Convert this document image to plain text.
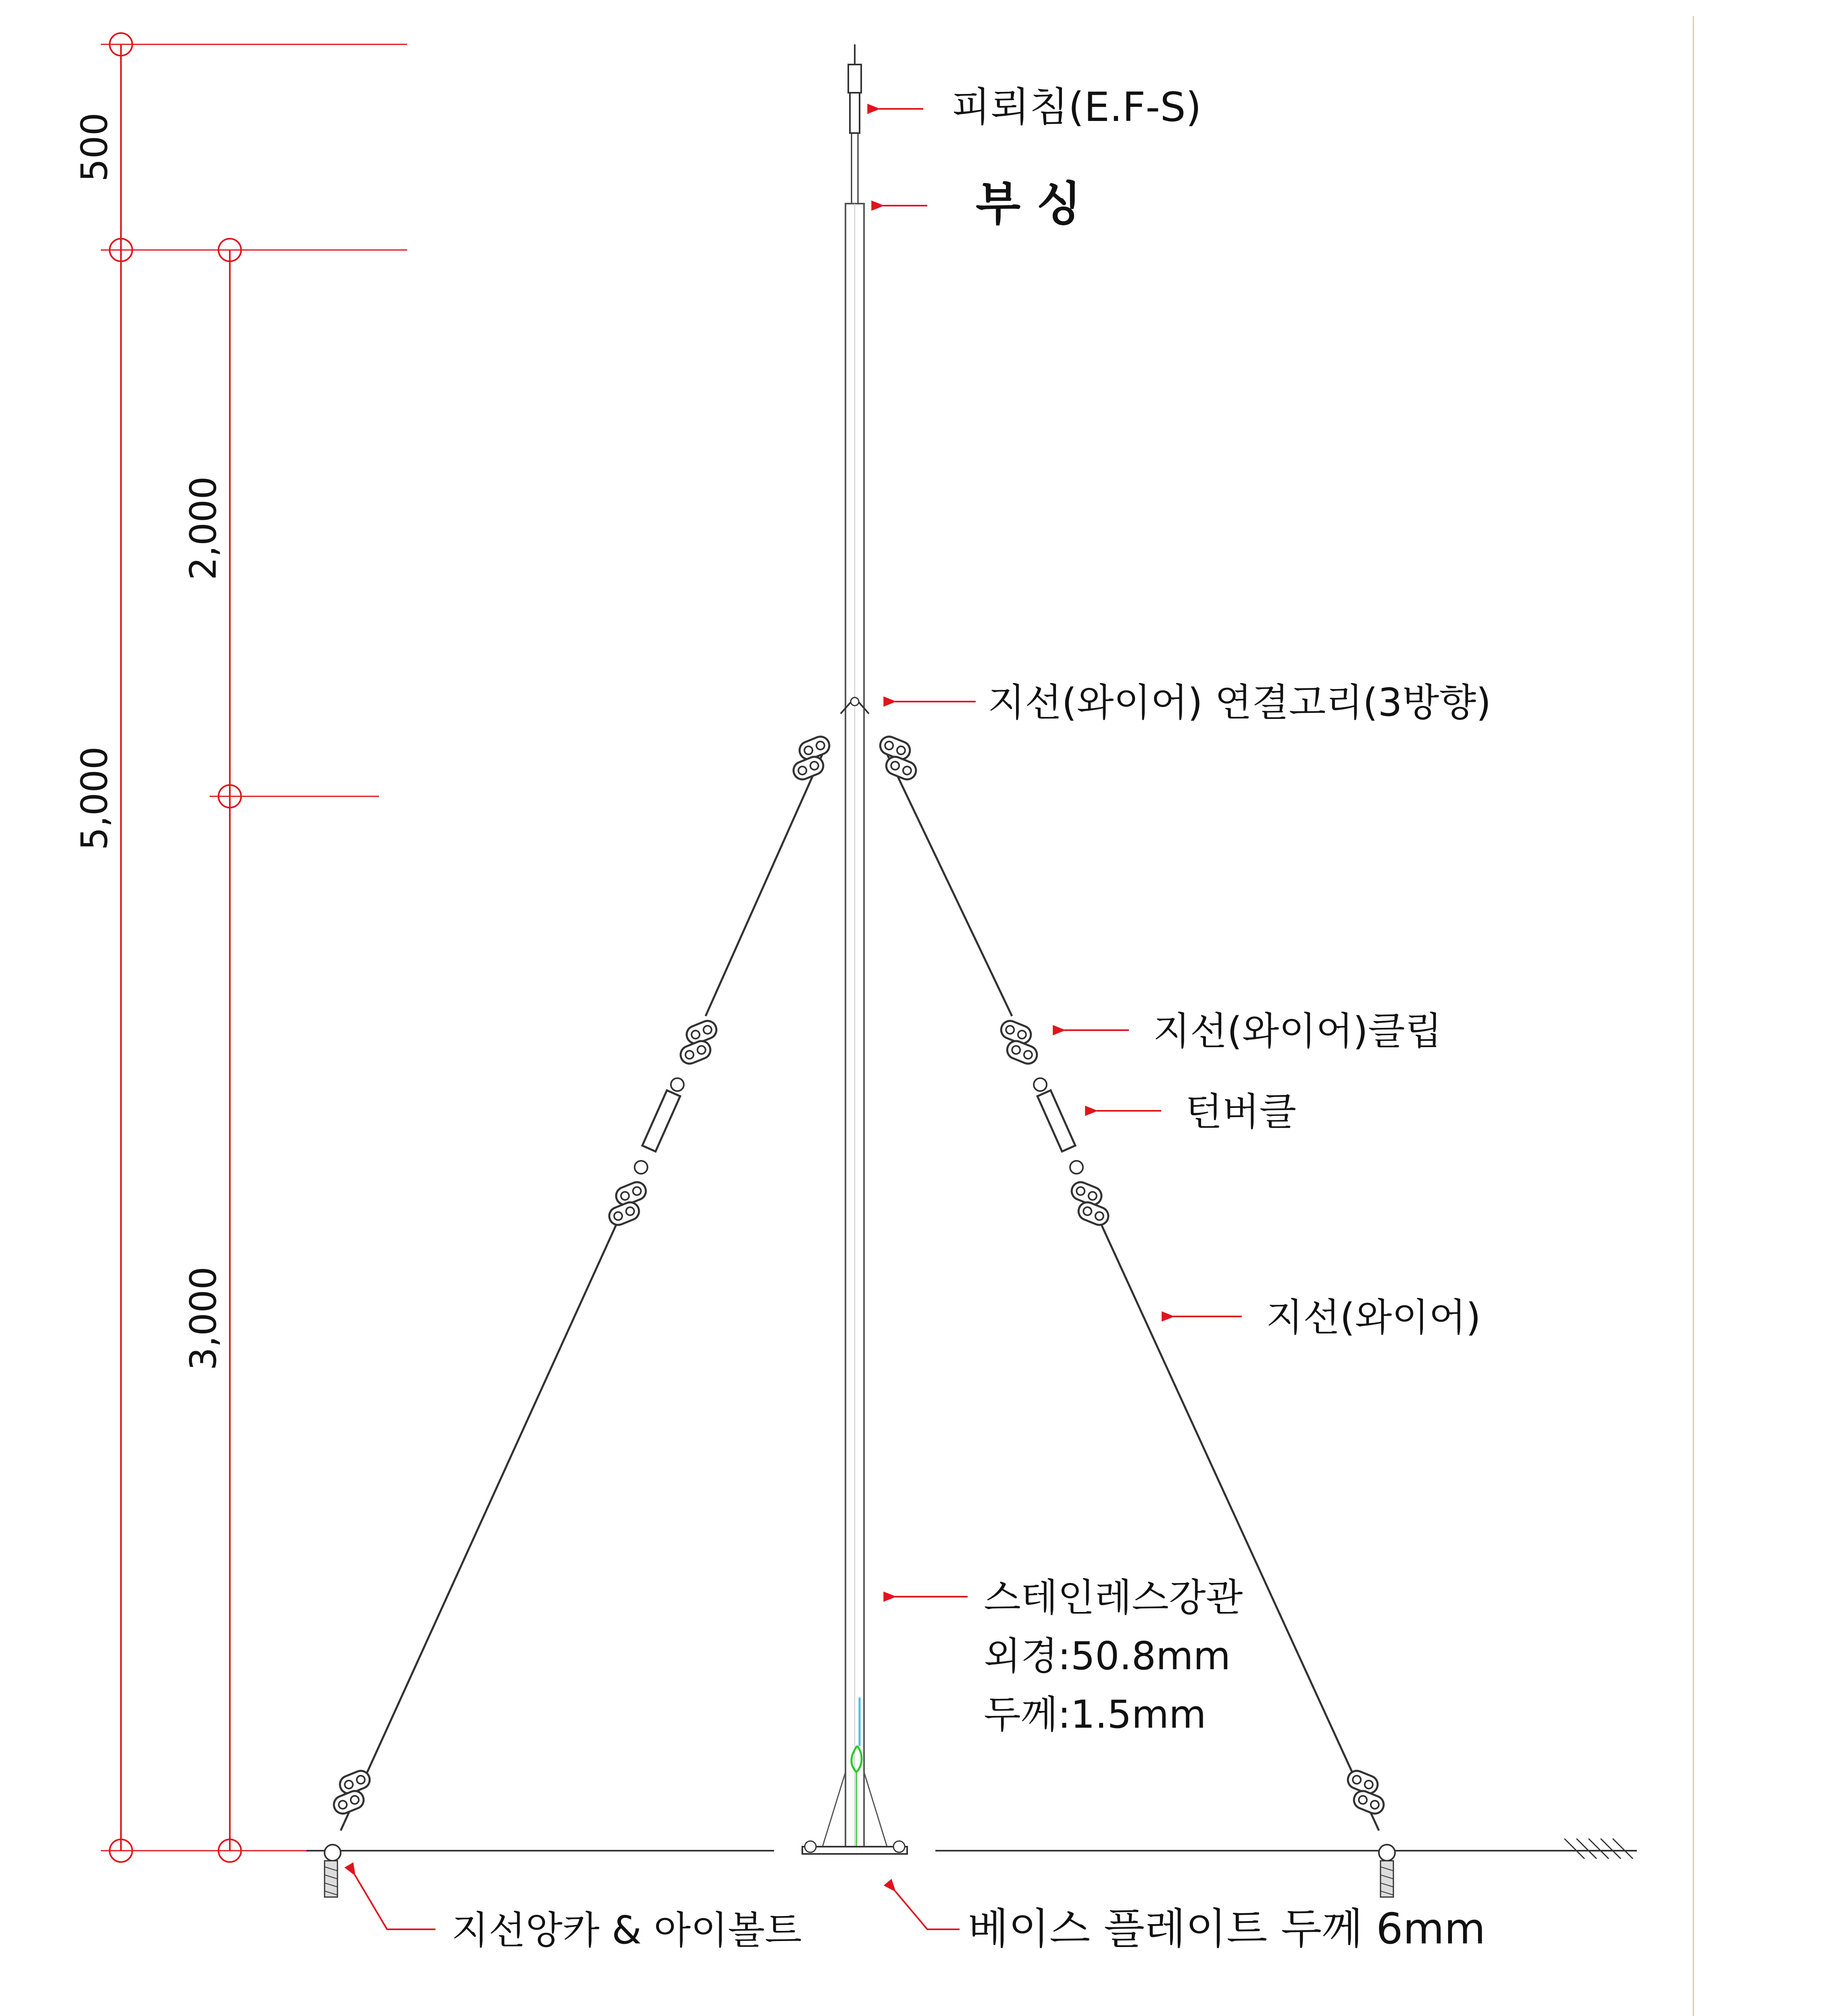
500
2,000
5,000
3,000
피뢰침(E.F-S)
부 싱
지선(와이어) 연결고리(3방향)
지선(와이어)클립
턴버클
지선(와이어)
스테인레스강관
외경:50.8mm
두께:1.5mm
지선앙카 & 아이볼트	베이스 플레이트 두께 6mm
